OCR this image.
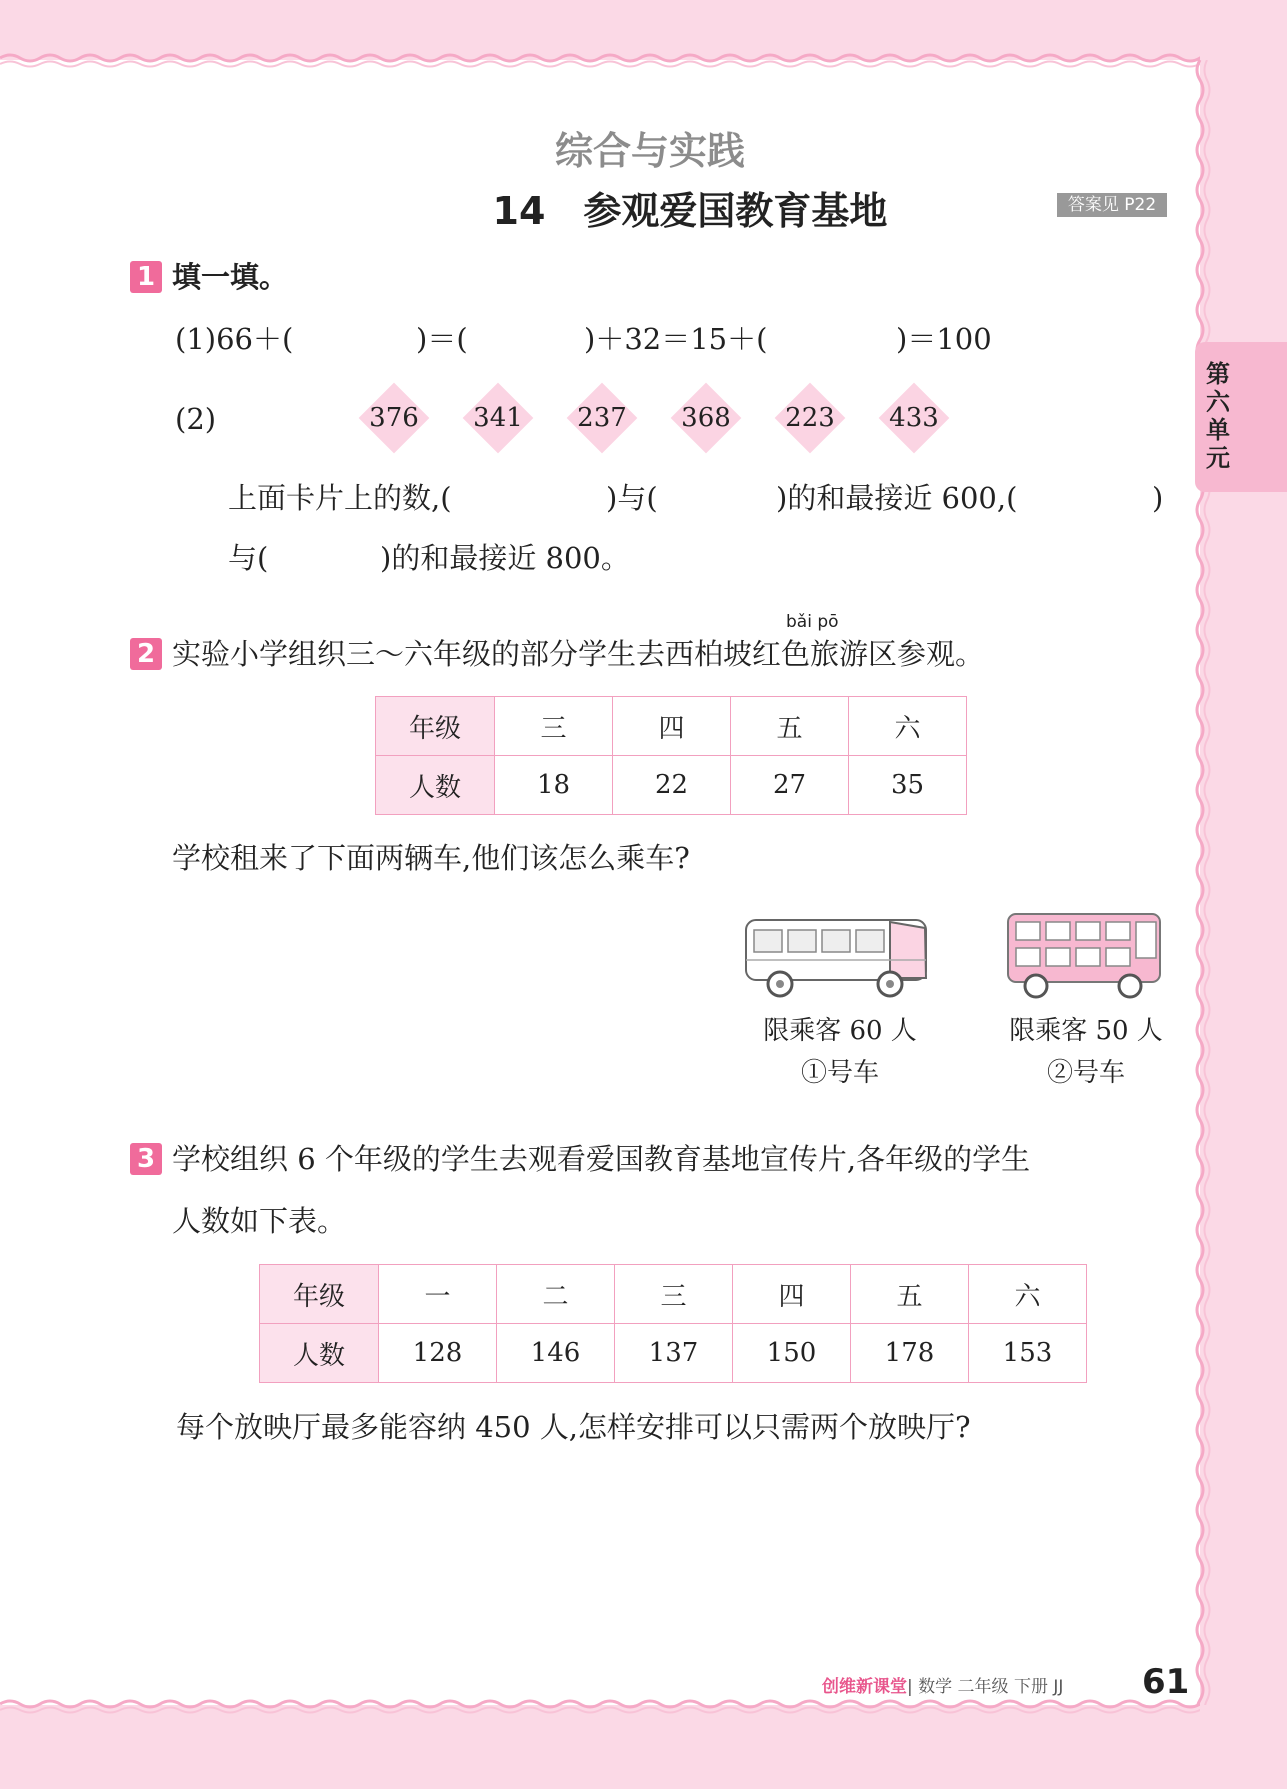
第六单元
综合与实践
14　参观爱国教育基地	答案见 P22
1 填一填。
(1)66＋(	)＝(	)＋32＝15＋(	)＝100
(2)	376	341	237	368	223	433
上面卡片上的数,(	)与(	)的和最接近 600,(	)
与(	)的和最接近 800。
bǎi pō
2 实验小学组织三～六年级的部分学生去西柏坡红色旅游区参观。
年级	三	四	五	六
人数	18	22	27	35
学校租来了下面两辆车,他们该怎么乘车?
限乘客 60 人
①号车
限乘客 50 人
②号车
3 学校组织 6 个年级的学生去观看爱国教育基地宣传片,各年级的学生
人数如下表。
年级	一	二	三	四	五	六
人数	128	146	137	150	178	153
每个放映厅最多能容纳 450 人,怎样安排可以只需两个放映厅?
创维新课堂| 数学 二年级 下册 JJ 61
